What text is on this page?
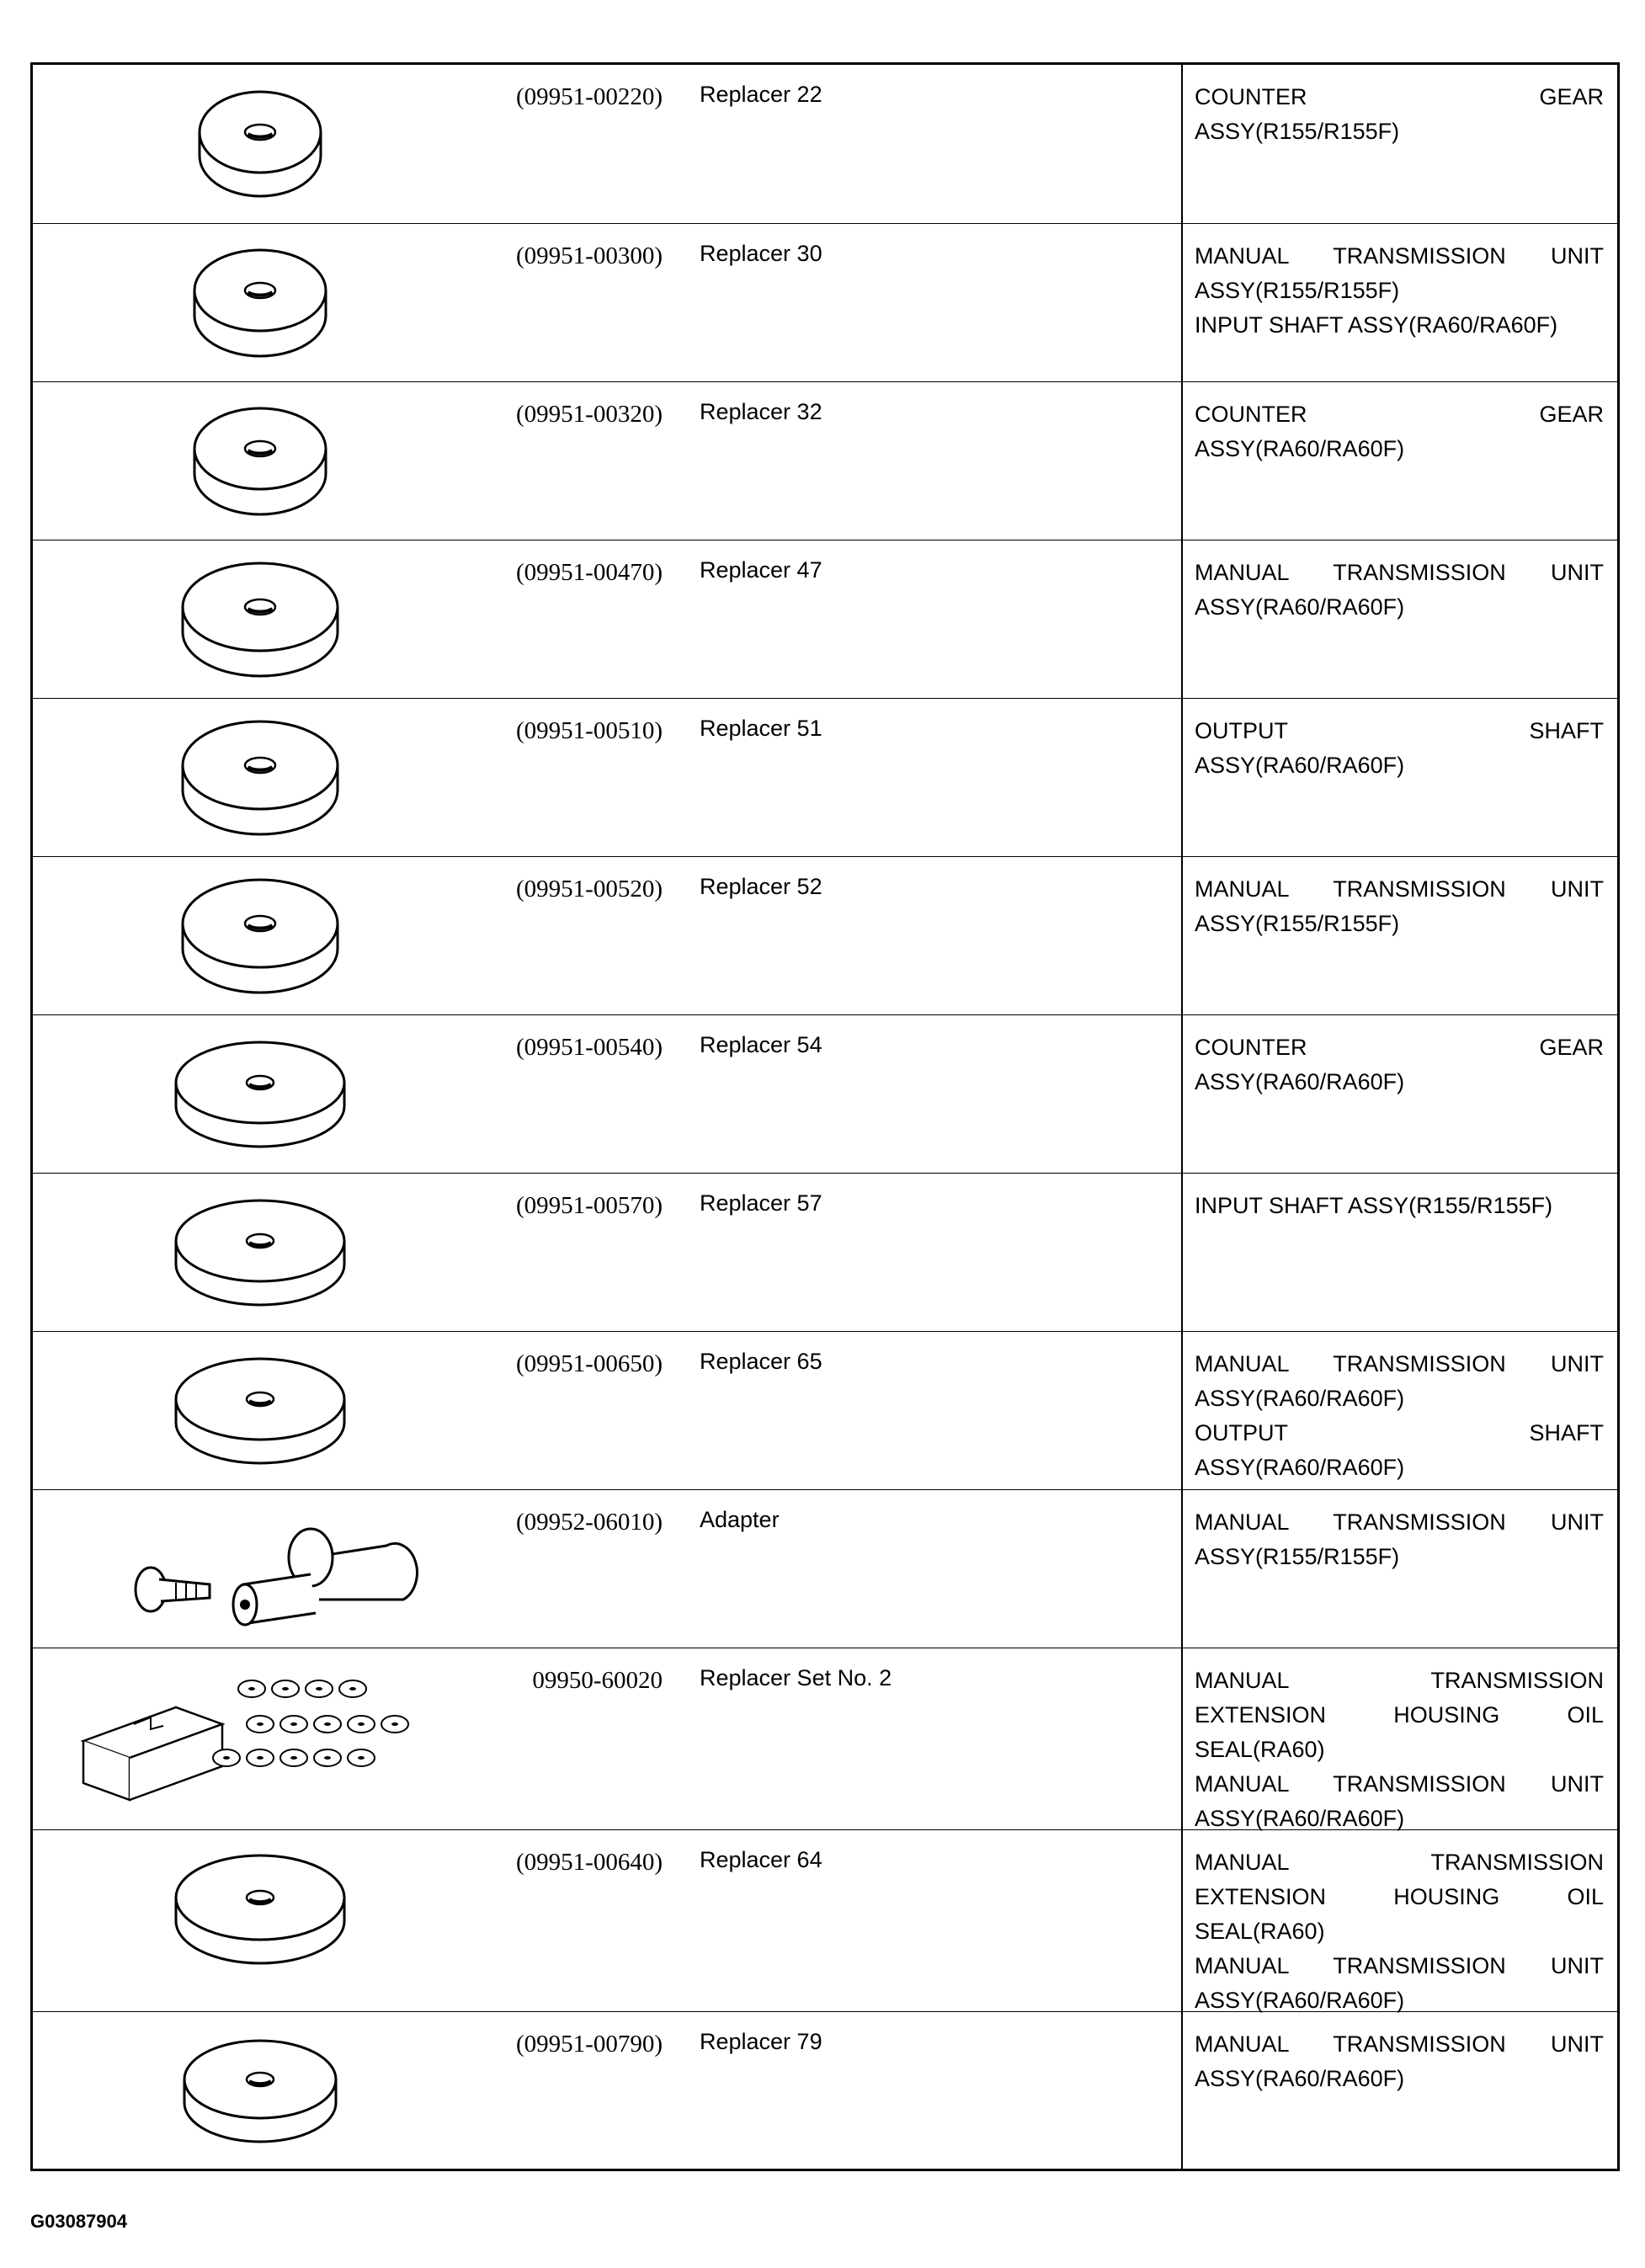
(09951-00220)	Replacer 22	COUNTER GEAR
ASSY(R155/R155F)
(09951-00300)	Replacer 30	MANUAL TRANSMISSION UNIT
ASSY(R155/R155F)
INPUT SHAFT ASSY(RA60/RA60F)
(09951-00320)	Replacer 32	COUNTER GEAR
ASSY(RA60/RA60F)
(09951-00470)	Replacer 47	MANUAL TRANSMISSION UNIT
ASSY(RA60/RA60F)
(09951-00510)	Replacer 51	OUTPUT SHAFT
ASSY(RA60/RA60F)
(09951-00520)	Replacer 52	MANUAL TRANSMISSION UNIT
ASSY(R155/R155F)
(09951-00540)	Replacer 54	COUNTER GEAR
ASSY(RA60/RA60F)
(09951-00570)	Replacer 57	INPUT SHAFT ASSY(R155/R155F)
(09951-00650)	Replacer 65	MANUAL TRANSMISSION UNIT
ASSY(RA60/RA60F)
OUTPUT SHAFT
ASSY(RA60/RA60F)
(09952-06010)	Adapter	MANUAL TRANSMISSION UNIT
ASSY(R155/R155F)
09950-60020	Replacer Set No. 2	MANUAL TRANSMISSION
EXTENSION HOUSING OIL
SEAL(RA60)
MANUAL TRANSMISSION UNIT
ASSY(RA60/RA60F)
(09951-00640)	Replacer 64	MANUAL TRANSMISSION
EXTENSION HOUSING OIL
SEAL(RA60)
MANUAL TRANSMISSION UNIT
ASSY(RA60/RA60F)
(09951-00790)	Replacer 79	MANUAL TRANSMISSION UNIT
ASSY(RA60/RA60F)
G03087904
